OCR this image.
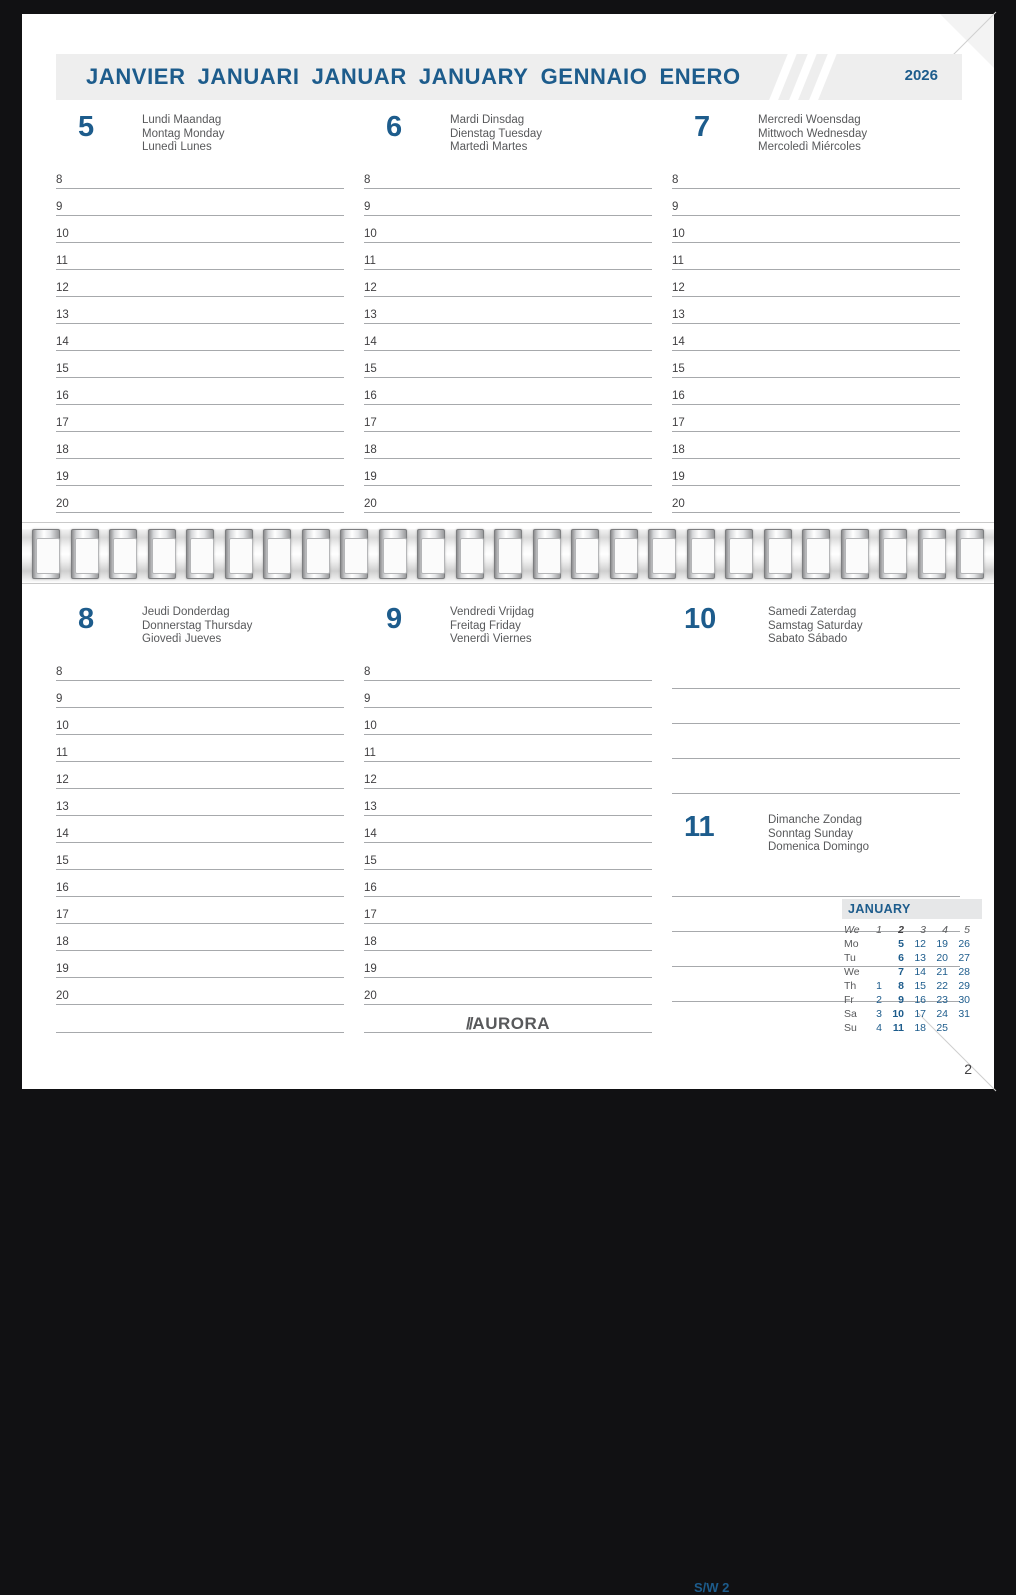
JANVIER JANUARI JANUAR JANUARY GENNAIO ENERO	2026
5	Lundi Maandag
Montag Monday
Lunedì Lunes
8
9
10
11
12
13
14
15
16
17
18
19
20
6	Mardi Dinsdag
Dienstag Tuesday
Martedì Martes
8
9
10
11
12
13
14
15
16
17
18
19
20
7	Mercredi Woensdag
Mittwoch Wednesday
Mercoledì Miércoles
8
9
10
11
12
13
14
15
16
17
18
19
20
8	Jeudi Donderdag
Donnerstag Thursday
Giovedì Jueves
8
9
10
11
12
13
14
15
16
17
18
19
20
9	Vendredi Vrijdag
Freitag Friday
Venerdì Viernes
8
9
10
11
12
13
14
15
16
17
18
19
20
10	Samedi Zaterdag
Samstag Saturday
Sabato Sábado
11	Dimanche Zondag
Sonntag Sunday
Domenica Domingo
JANUARY
We	1	2	3	4	5
Mo		5	12	19	26
Tu		6	13	20	27
We		7	14	21	28
Th	1	8	15	22	29
Fr	2	9	16	23	30
Sa	3	10	17	24	31
Su	4	11	18	25	
S/W 2
//AURORA
2
